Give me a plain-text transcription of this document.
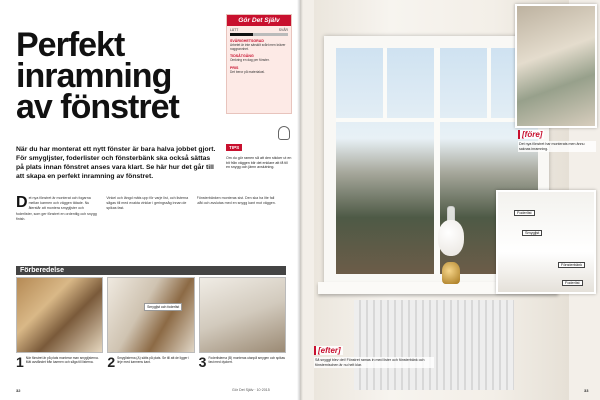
Perfekt
inramning
av fönstret

När du har monterat ett nytt fönster är bara halva jobbet gjort. För smygljster, foderlister och fönsterbänk ska också sättas på plats innan fönstret anses vara klart. Se här hur det går till att skapa en perfekt inramning av fönstret.

D et nya fönstret är monterat och fogarna mellan karmen och väggen tätade. Nu återstår att montera smygljster och foderlister, som ger fönstret en ordentlig och snygg finish.
Vinkel och längd mäts upp för varje list, och listerna sågas till med exakta vinklar i geringssåg innan de spikas fast.
Fönsterbänken monteras sist. Den ska ha lite fall utåt och avslutas med en snygg kant mot väggen.
Gör Det Själv
LÄTT	SVÅR
SVÅRIGHETSGRAD
Arbetet är inte särskilt svårt men kräver noggrannhet.
TIDSÅTGÅNG
Omkring en dag per fönster.
PRIS
Det beror på materialval.
TIPS

Om du gör ramen så att den sticker ut en bit från väggen blir det enklare att få till en snygg och jämn avslutning.

Förberedelse
Smygljst och foderlist
1 När fönstret är på plats monterar man smygljsterna. Mät avståndet från karmen och såga till listerna. 2 Smyglisterna (A) sätts på plats. Se till att de ligger i linje med karmens kant.	3 Foderlisterna (B) monteras utanpå smygen och spikas fast med dyckert.
32	Gör Det Själv · 10·2015
[före]

Det nya fönstret har monterats men ännu saknas inramning.

Foderlist
Smygljst
Fönsterbänk
Foderlist
[efter]

Så snyggt blev det! Fönstret ramas in med lister och fönsterbänk och fönsternischen är nu helt klar.

33
